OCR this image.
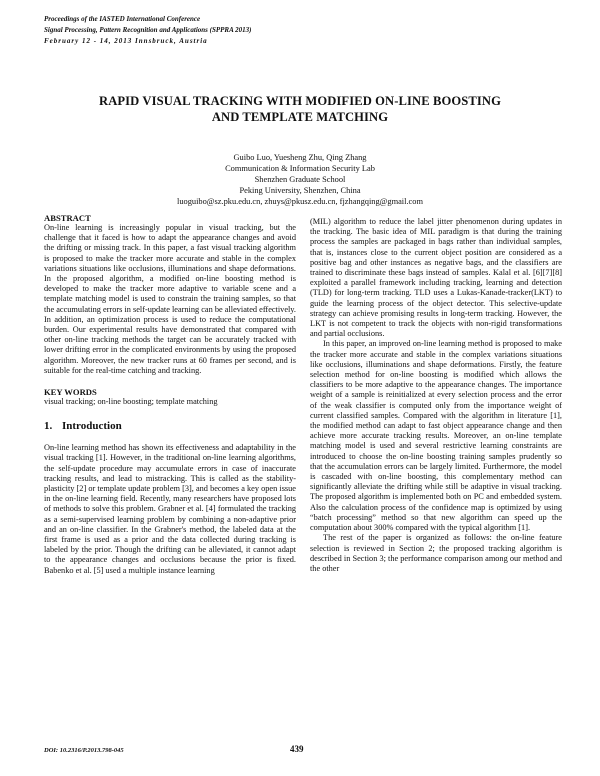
Proceedings of the IASTED International Conference
Signal Processing, Pattern Recognition and Applications (SPPRA 2013)
February 12 - 14, 2013 Innsbruck, Austria
RAPID VISUAL TRACKING WITH MODIFIED ON-LINE BOOSTING
AND TEMPLATE MATCHING
Guibo Luo, Yuesheng Zhu, Qing Zhang
Communication & Information Security Lab
Shenzhen Graduate School
Peking University, Shenzhen, China
luoguibo@sz.pku.edu.cn, zhuys@pkusz.edu.cn, fjzhangqing@gmail.com
ABSTRACT

On-line learning is increasingly popular in visual tracking, but the challenge that it faced is how to adapt the appearance changes and avoid the drifting or missing track. In this paper, a fast visual tracking algorithm is proposed to make the tracker more accurate and stable in the complex variations situations like occlusions, illuminations and shape deformations. In the proposed algorithm, a modified on-line boosting method is developed to make the tracker more adaptive to variable scene and a template matching model is used to constrain the training samples, so that the accumulating errors in self-update learning can be alleviated effectively. In addition, an optimization process is used to reduce the computational burden. Our experimental results have demonstrated that compared with other on-line tracking methods the target can be accurately tracked with lower drifting error in the complicated environments by using the proposed algorithm. Moreover, the new tracker runs at 60 frames per second, and is suitable for the real-time catching and tracking.

KEY WORDS

visual tracking; on-line boosting; template matching

1. Introduction

On-line learning method has shown its effectiveness and adaptability in the visual tracking [1]. However, in the traditional on-line learning algorithms, the self-update procedure may accumulate errors in case of inaccurate tracking results, and lead to mistracking. This is called as the stability-plasticity [2] or template update problem [3], and becomes a key open issue in the on-line learning field. Recently, many researchers have proposed lots of methods to solve this problem. Grabner et al. [4] formulated the tracking as a semi-supervised learning problem by combining a non-adaptive prior and an on-line classifier. In the Grabner's method, the labeled data at the first frame is used as a prior and the data collected during tracking is labeled by the prior. Though the drifting can be alleviated, it cannot adapt to the appearance changes and occlusions because the prior is fixed. Babenko et al. [5] used a multiple instance learning

(MIL) algorithm to reduce the label jitter phenomenon during updates in the tracking. The basic idea of MIL paradigm is that during the training process the samples are packaged in bags rather than individual samples, that is, instances close to the current object position are considered as a positive bag and other instances as negative bags, and the classifiers are trained to discriminate these bags instead of samples. Kalal et al. [6][7][8] exploited a parallel framework including tracking, learning and detection (TLD) for long-term tracking. TLD uses a Lukas-Kanade-tracker(LKT) to guide the learning process of the object detector. This selective-update strategy can achieve promising results in long-term tracking. However, the LKT is not competent to track the objects with non-rigid transformations and partial occlusions.

In this paper, an improved on-line learning method is proposed to make the tracker more accurate and stable in the complex variations situations like occlusions, illuminations and shape deformations. Firstly, the feature selection method for on-line boosting is modified which allows the classifiers to be more adaptive to the appearance changes. The importance weight of a sample is reinitialized at every selection process and the error of the weak classifier is computed only from the importance weight of current classified samples. Compared with the algorithm in literature [1], the modified method can adapt to fast object appearance change and then achieve more accurate tracking results. Moreover, an on-line template matching model is used and several restrictive learning constraints are introduced to choose the on-line boosting training samples prudently so that the accumulation errors can be largely limited. Furthermore, the model is cascaded with on-line boosting, this complementary method can significantly alleviate the drifting while still be adaptive in visual tracking. The proposed algorithm is implemented both on PC and embedded system. Also the calculation process of the confidence map is optimized by using “batch processing” method so that new algorithm can speed up the computation about 300% compared with the typical algorithm [1].

The rest of the paper is organized as follows: the on-line feature selection is reviewed in Section 2; the proposed tracking algorithm is described in Section 3; the performance comparison among our method and the other

DOI: 10.2316/P.2013.798-045	439
